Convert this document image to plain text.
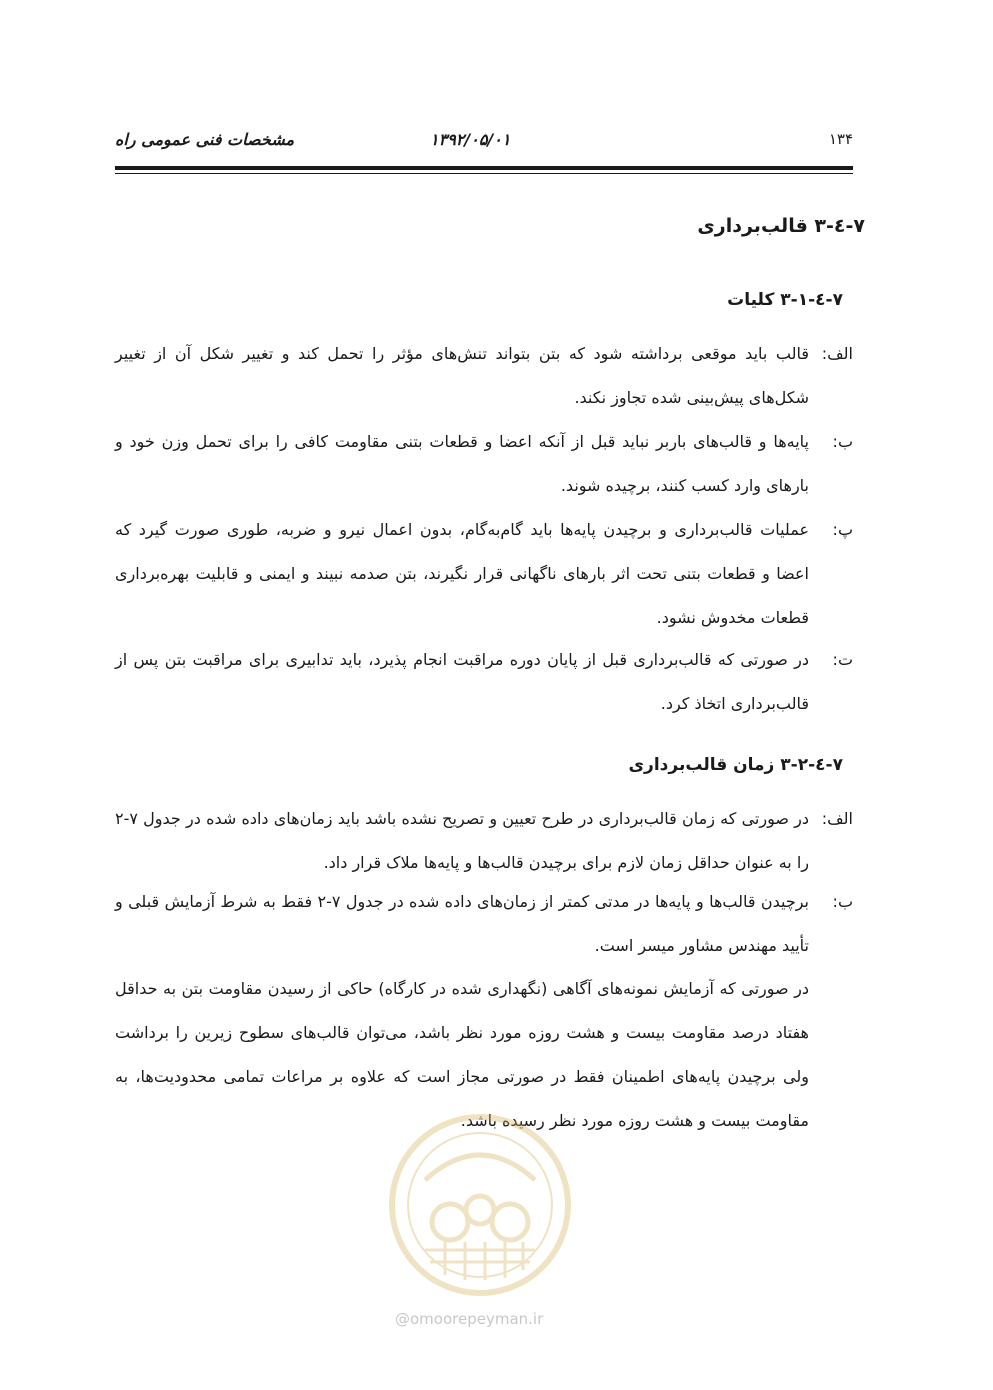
۱۳۴
۱۳۹۲/۰۵/۰۱
مشخصات فنی عمومی راه
۷-٤-۳ قالب‌برداری
۷-٤-۳-۱ کلیات
الف:
قالب باید موقعی برداشته شود که بتن بتواند تنش‌های مؤثر را تحمل کند و تغییر شکل آن از تغییر شکل‌های پیش‌بینی شده تجاوز نکند.
ب:
پایه‌ها و قالب‌های باربر نباید قبل از آنکه اعضا و قطعات بتنی مقاومت کافی را برای تحمل وزن خود و بارهای وارد کسب کنند، برچیده شوند.
پ:
عملیات قالب‌برداری و برچیدن پایه‌ها باید گام‌به‌گام، بدون اعمال نیرو و ضربه، طوری صورت گیرد که اعضا و قطعات بتنی تحت اثر بارهای ناگهانی قرار نگیرند، بتن صدمه نبیند و ایمنی و قابلیت بهره‌برداری قطعات مخدوش نشود.
ت:
در صورتی که قالب‌برداری قبل از پایان دوره مراقبت انجام پذیرد، باید تدابیری برای مراقبت بتن پس از قالب‌برداری اتخاذ کرد.
۷-٤-۳-۲ زمان قالب‌برداری
الف:
در صورتی که زمان قالب‌برداری در طرح تعیین و تصریح نشده باشد باید زمان‌های داده شده در جدول ۷-۲ را به عنوان حداقل زمان لازم برای برچیدن قالب‌ها و پایه‌ها ملاک قرار داد.
ب:
برچیدن قالب‌ها و پایه‌ها در مدتی کمتر از زمان‌های داده شده در جدول ۷-۲ فقط به شرط آزمایش قبلی و تأیید مهندس مشاور میسر است.
در صورتی که آزمایش نمونه‌های آگاهی (نگهداری شده در کارگاه) حاکی از رسیدن مقاومت بتن به حداقل هفتاد درصد مقاومت بیست و هشت روزه مورد نظر باشد، می‌توان قالب‌های سطوح زیرین را برداشت ولی برچیدن پایه‌های اطمینان فقط در صورتی مجاز است که علاوه بر مراعات تمامی محدودیت‌ها، به مقاومت بیست و هشت روزه مورد نظر رسیده باشد.
@omoorepeyman.ir
